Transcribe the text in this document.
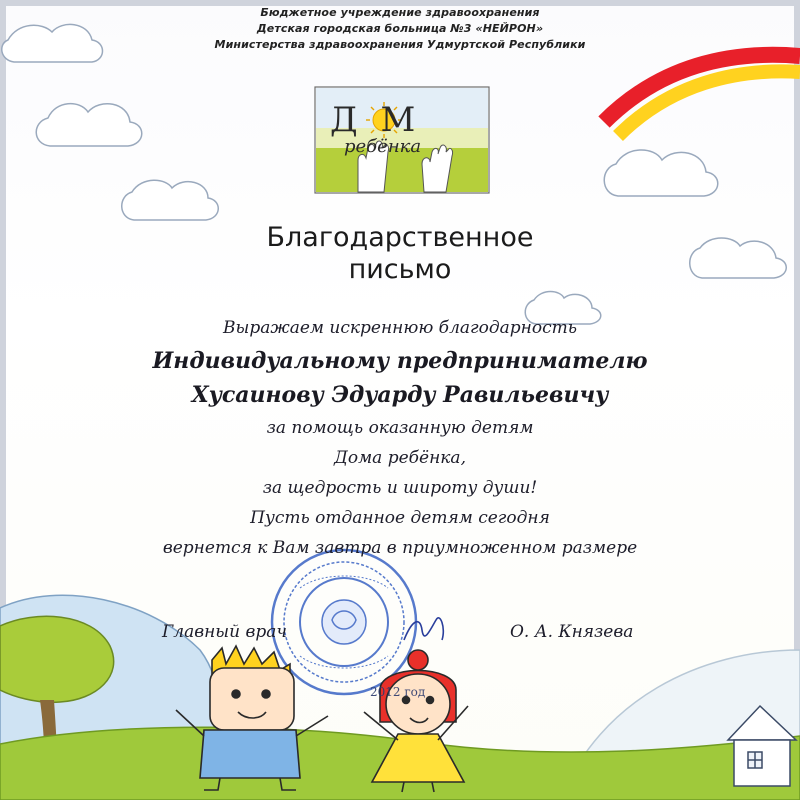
Бюджетное учреждение здравоохранения
Детская городская больница №3 «НЕЙРОН»
Министерства здравоохранения Удмуртской Республики
Д М
ребёнка
Благодарственное
письмо
Выражаем искреннюю благодарность
Индивидуальному предпринимателю
Хусаинову Эдуарду Равильевичу
за помощь оказанную детям
Дома ребёнка,
за щедрость и широту души!
Пусть отданное детям сегодня
вернется к Вам завтра в приумноженном размере
Главный врач	О. А. Князева
2012 год
